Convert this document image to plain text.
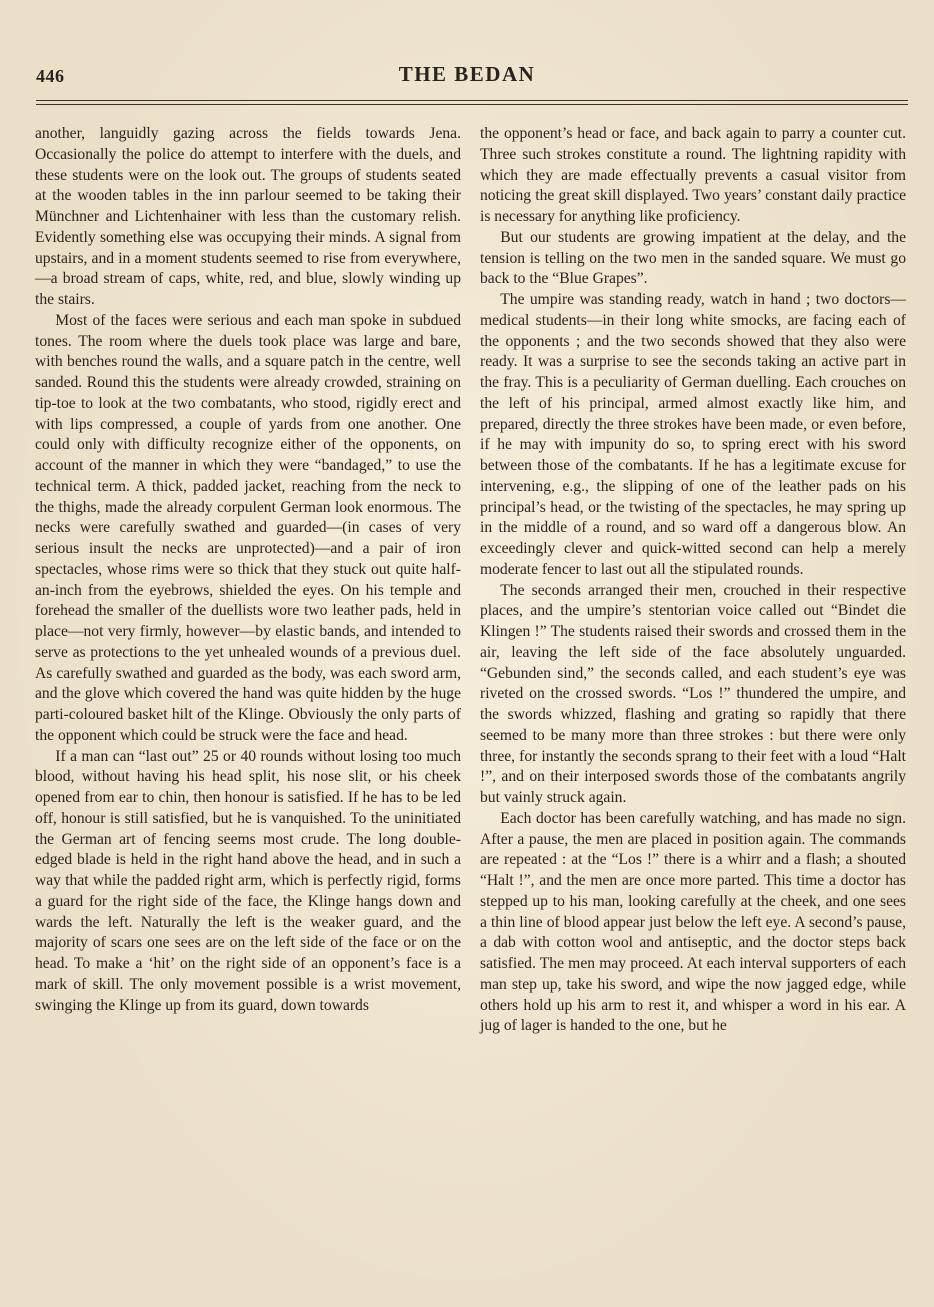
446	THE BEDAN

another, languidly gazing across the fields towards Jena. Occasionally the police do attempt to interfere with the duels, and these students were on the look out. The groups of students seated at the wooden tables in the inn parlour seemed to be taking their Münchner and Lichtenhainer with less than the customary relish. Evidently something else was occupying their minds. A signal from upstairs, and in a moment students seemed to rise from everywhere,—a broad stream of caps, white, red, and blue, slowly winding up the stairs.

Most of the faces were serious and each man spoke in subdued tones. The room where the duels took place was large and bare, with benches round the walls, and a square patch in the centre, well sanded. Round this the students were already crowded, straining on tip-toe to look at the two combatants, who stood, rigidly erect and with lips compressed, a couple of yards from one another. One could only with difficulty recognize either of the opponents, on account of the manner in which they were “bandaged,” to use the technical term. A thick, padded jacket, reaching from the neck to the thighs, made the already corpulent German look enormous. The necks were carefully swathed and guarded—(in cases of very serious insult the necks are unprotected)—and a pair of iron spectacles, whose rims were so thick that they stuck out quite half-an-inch from the eyebrows, shielded the eyes. On his temple and forehead the smaller of the duellists wore two leather pads, held in place—not very firmly, however—by elastic bands, and intended to serve as protections to the yet unhealed wounds of a previous duel. As carefully swathed and guarded as the body, was each sword arm, and the glove which covered the hand was quite hidden by the huge parti-coloured basket hilt of the Klinge. Obviously the only parts of the opponent which could be struck were the face and head.

If a man can “last out” 25 or 40 rounds without losing too much blood, without having his head split, his nose slit, or his cheek opened from ear to chin, then honour is satisfied. If he has to be led off, honour is still satisfied, but he is vanquished. To the uninitiated the German art of fencing seems most crude. The long double-edged blade is held in the right hand above the head, and in such a way that while the padded right arm, which is perfectly rigid, forms a guard for the right side of the face, the Klinge hangs down and wards the left. Naturally the left is the weaker guard, and the majority of scars one sees are on the left side of the face or on the head. To make a ‘hit’ on the right side of an opponent’s face is a mark of skill. The only movement possible is a wrist movement, swinging the Klinge up from its guard, down towards

the opponent’s head or face, and back again to parry a counter cut. Three such strokes constitute a round. The lightning rapidity with which they are made effectually prevents a casual visitor from noticing the great skill displayed. Two years’ constant daily practice is necessary for anything like proficiency.

But our students are growing impatient at the delay, and the tension is telling on the two men in the sanded square. We must go back to the “Blue Grapes”.

The umpire was standing ready, watch in hand ; two doctors—medical students—in their long white smocks, are facing each of the opponents ; and the two seconds showed that they also were ready. It was a surprise to see the seconds taking an active part in the fray. This is a peculiarity of German duelling. Each crouches on the left of his principal, armed almost exactly like him, and prepared, directly the three strokes have been made, or even before, if he may with impunity do so, to spring erect with his sword between those of the combatants. If he has a legitimate excuse for intervening, e.g., the slipping of one of the leather pads on his principal’s head, or the twisting of the spectacles, he may spring up in the middle of a round, and so ward off a dangerous blow. An exceedingly clever and quick-witted second can help a merely moderate fencer to last out all the stipulated rounds.

The seconds arranged their men, crouched in their respective places, and the umpire’s stentorian voice called out “Bindet die Klingen !” The students raised their swords and crossed them in the air, leaving the left side of the face absolutely unguarded. “Gebunden sind,” the seconds called, and each student’s eye was riveted on the crossed swords. “Los !” thundered the umpire, and the swords whizzed, flashing and grating so rapidly that there seemed to be many more than three strokes : but there were only three, for instantly the seconds sprang to their feet with a loud “Halt !”, and on their interposed swords those of the combatants angrily but vainly struck again.

Each doctor has been carefully watching, and has made no sign. After a pause, the men are placed in position again. The commands are repeated : at the “Los !” there is a whirr and a flash; a shouted “Halt !”, and the men are once more parted. This time a doctor has stepped up to his man, looking carefully at the cheek, and one sees a thin line of blood appear just below the left eye. A second’s pause, a dab with cotton wool and antiseptic, and the doctor steps back satisfied. The men may proceed. At each interval supporters of each man step up, take his sword, and wipe the now jagged edge, while others hold up his arm to rest it, and whisper a word in his ear. A jug of lager is handed to the one, but he
